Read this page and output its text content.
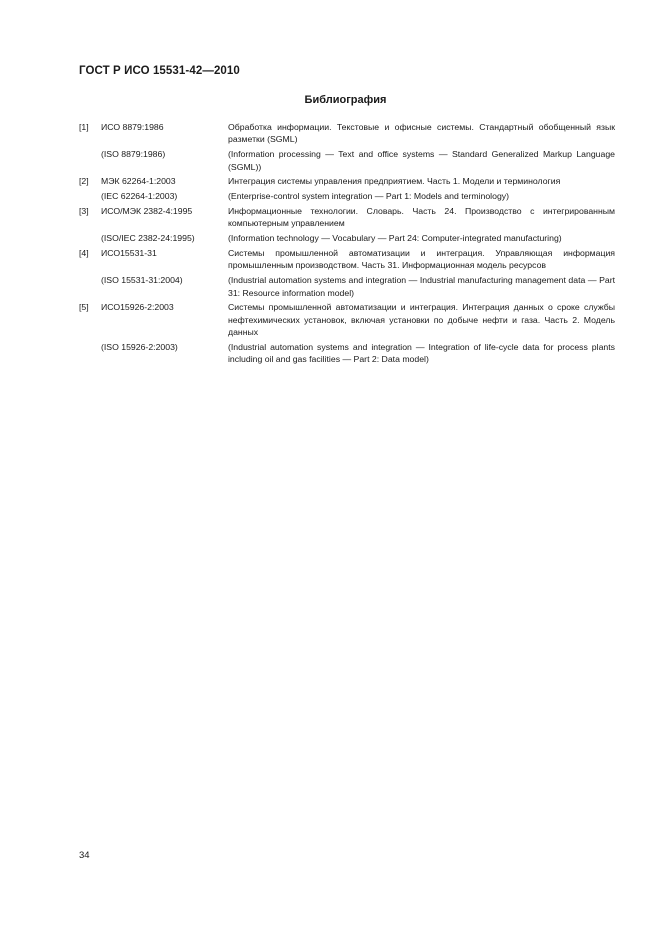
ГОСТ Р ИСО 15531-42—2010
Библиография
[1]	ИСО 8879:1986	Обработка информации. Текстовые и офисные системы. Стандартный обобщенный язык разметки (SGML)
(ISO 8879:1986)	(Information processing — Text and office systems — Standard Generalized Markup Language (SGML))
[2]	МЭК 62264-1:2003	Интеграция системы управления предприятием. Часть 1. Модели и терминология
(IEC 62264-1:2003)	(Enterprise-control system integration — Part 1: Models and terminology)
[3]	ИСО/МЭК 2382-4:1995	Информационные технологии. Словарь. Часть 24. Производство с интегрированным компьютерным управлением
(ISO/IEC 2382-24:1995)	(Information technology — Vocabulary — Part 24: Computer-integrated manufacturing)
[4]	ИСО15531-31	Системы промышленной автоматизации и интеграция. Управляющая информация промышленным производством. Часть 31. Информационная модель ресурсов
(ISO 15531-31:2004)	(Industrial automation systems and integration — Industrial manufacturing management data — Part 31: Resource information model)
[5]	ИСО15926-2:2003	Системы промышленной автоматизации и интеграция. Интеграция данных о сроке службы нефтехимических установок, включая установки по добыче нефти и газа. Часть 2. Модель данных
(ISO 15926-2:2003)	(Industrial automation systems and integration — Integration of life-cycle data for process plants including oil and gas facilities — Part 2: Data model)
34
